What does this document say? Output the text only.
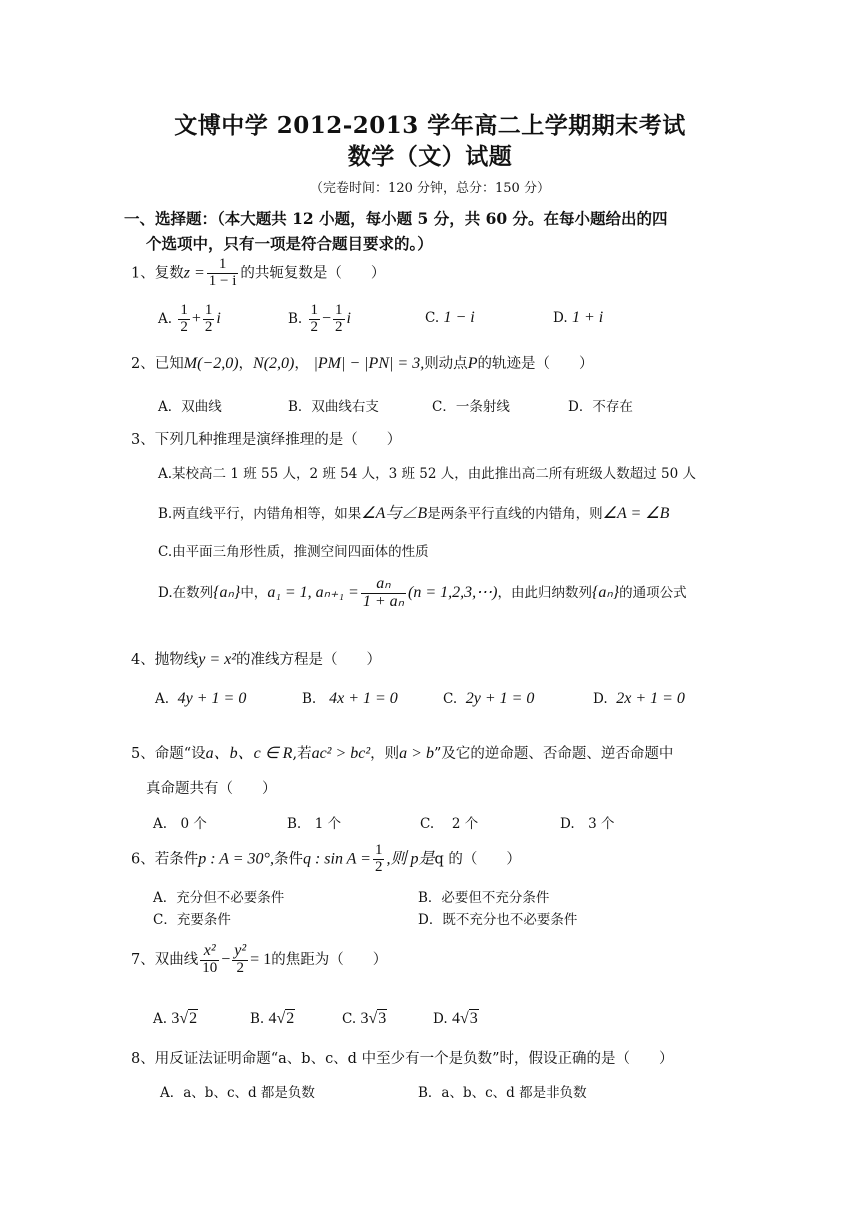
文博中学 2012-2013 学年高二上学期期末考试
数学（文）试题
（完卷时间：120 分钟，总分：150 分）
一、选择题：（本大题共 12 小题，每小题 5 分，共 60 分。在每小题给出的四
个选项中，只有一项是符合题目要求的。）
1、复数$z = \frac{1}{1 - i}$ 的共轭复数是（　　）
A. $\frac{1}{2} + \frac{1}{2}$ i	B. $\frac{1}{2} - \frac{1}{2}$ i	C. 1 − i	D. 1 + i
2、已知M(−2,0)，N(2,0)， |PM| − |PN| = 3,则动点P的轨迹是（　　）
A．双曲线	B．双曲线右支	C．一条射线	D．不存在
3、下列几种推理是演绎推理的是（　　）
A.某校高二 1 班 55 人，2 班 54 人，3 班 52 人，由此推出高二所有班级人数超过 50 人
B.两直线平行，内错角相等，如果∠A与∠B是两条平行直线的内错角，则∠A = ∠B
C.由平面三角形性质，推测空间四面体的性质
D.在数列{aₙ}中，a₁ = 1, $a_{n+1} = \frac{\text{aₙ}}{\text{1 + aₙ}} (n$ = 1,2,3,⋯)，由此归纳数列{aₙ}的通项公式
4、抛物线y = x²的准线方程是（　　）
A. 4y + 1 = 0	B. 4x + 1 = 0	C. 2y + 1 = 0	D. 2x + 1 = 0
5、命题“设a、b、c ∈ R,若ac² > bc²，则a > b”及它的逆命题、否命题、逆否命题中
真命题共有（　　）
A.　0 个	B.　1 个	C.　 2 个	D.　3 个
6、若条件p : A = 30°,条件q : $\sin A = \frac{1}{2}$ ,则 p是q 的（　　）
A．充分但不必要条件	B．必要但不充分条件
C．充要条件	D．既不充分也不必要条件
7、双曲线 $\frac{\text{x²}}{10} - \frac{\text{y²}}{2} = 1$的焦距为（　　）
A. 3√2	B. 4√2	C. 3√3	D. 4√3
8、用反证法证明命题“a、b、c、d 中至少有一个是负数”时，假设正确的是（　　）
A．a、b、c、d 都是负数	B．a、b、c、d 都是非负数
